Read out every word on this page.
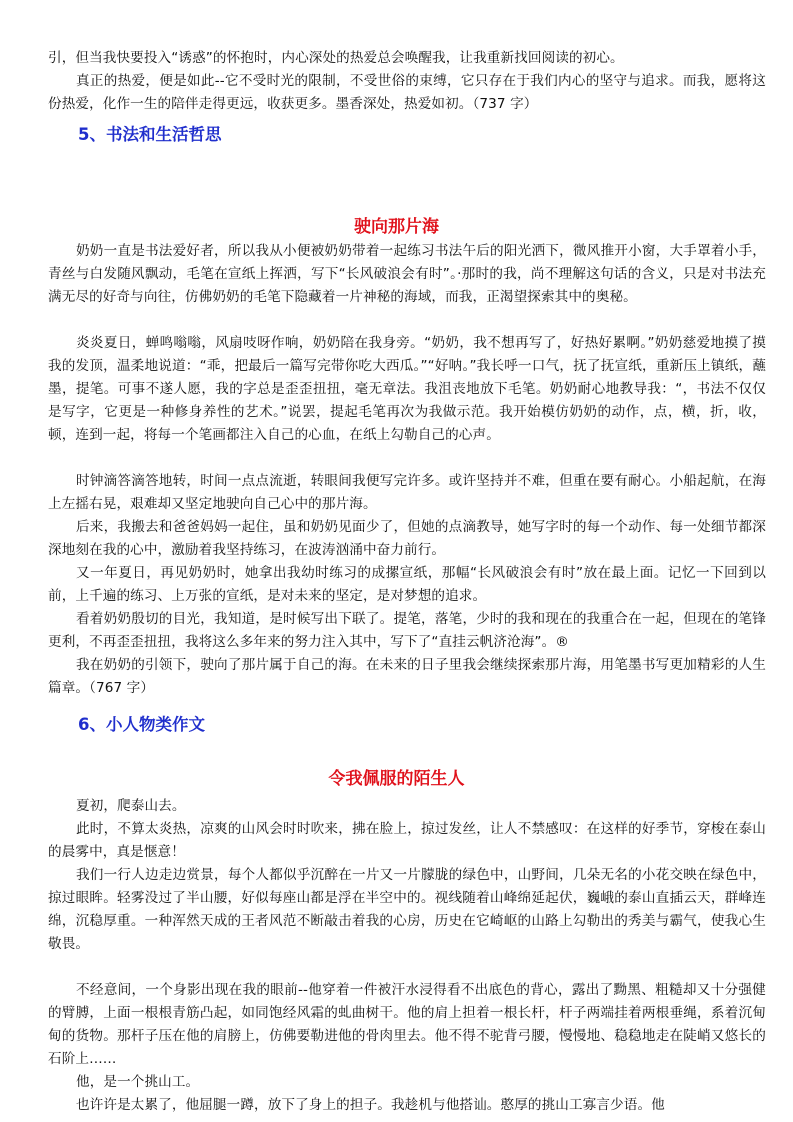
引，但当我快要投入“诱惑”的怀抱时，内心深处的热爱总会唤醒我，让我重新找回阅读的初心。

真正的热爱，便是如此--它不受时光的限制，不受世俗的束缚，它只存在于我们内心的坚守与追求。而我，愿将这份热爱，化作一生的陪伴走得更远，收获更多。墨香深处，热爱如初。（737 字）

5、书法和生活哲思
驶向那片海

奶奶一直是书法爱好者，所以我从小便被奶奶带着一起练习书法午后的阳光洒下，微风推开小窗，大手罩着小手，青丝与白发随风飘动，毛笔在宣纸上挥洒，写下“长风破浪会有时”。·那时的我，尚不理解这句话的含义，只是对书法充满无尽的好奇与向往，仿佛奶奶的毛笔下隐藏着一片神秘的海域，而我，正渴望探索其中的奥秘。

炎炎夏日，蝉鸣嗡嗡，风扇吱呀作响，奶奶陪在我身旁。“奶奶，我不想再写了，好热好累啊。”奶奶慈爱地摸了摸我的发顶，温柔地说道：“乖，把最后一篇写完带你吃大西瓜。”“好呐。”我长呼一口气，抚了抚宣纸，重新压上镇纸，蘸墨，提笔。可事不遂人愿，我的字总是歪歪扭扭，毫无章法。我沮丧地放下毛笔。奶奶耐心地教导我：“，书法不仅仅是写字，它更是一种修身养性的艺术。”说罢，提起毛笔再次为我做示范。我开始模仿奶奶的动作，点，横，折，收，顿，连到一起，将每一个笔画都注入自己的心血，在纸上勾勒自己的心声。

时钟滴答滴答地转，时间一点点流逝，转眼间我便写完许多。或许坚持并不难，但重在要有耐心。小船起航，在海上左摇右晃，艰难却又坚定地驶向自己心中的那片海。

后来，我搬去和爸爸妈妈一起住，虽和奶奶见面少了，但她的点滴教导，她写字时的每一个动作、每一处细节都深深地刻在我的心中，激励着我坚持练习，在波涛汹涌中奋力前行。

又一年夏日，再见奶奶时，她拿出我幼时练习的成摞宣纸，那幅“长风破浪会有时”放在最上面。记忆一下回到以前，上千遍的练习、上万张的宣纸，是对未来的坚定，是对梦想的追求。

看着奶奶殷切的目光，我知道，是时候写出下联了。提笔，落笔，少时的我和现在的我重合在一起，但现在的笔锋更利，不再歪歪扭扭，我将这么多年来的努力注入其中，写下了“直挂云帆济沧海”。®

我在奶奶的引领下，驶向了那片属于自己的海。在未来的日子里我会继续探索那片海，用笔墨书写更加精彩的人生篇章。（767 字）

6、小人物类作文
令我佩服的陌生人

夏初，爬泰山去。

此时，不算太炎热，凉爽的山风会时时吹来，拂在脸上，掠过发丝，让人不禁感叹：在这样的好季节，穿梭在泰山的晨雾中，真是惬意！

我们一行人边走边赏景，每个人都似乎沉醉在一片又一片朦胧的绿色中，山野间，几朵无名的小花交映在绿色中，掠过眼眸。轻雾没过了半山腰，好似每座山都是浮在半空中的。视线随着山峰绵延起伏，巍峨的泰山直插云天，群峰连绵，沉稳厚重。一种浑然天成的王者风范不断敲击着我的心房，历史在它崎岖的山路上勾勒出的秀美与霸气，使我心生敬畏。

不经意间，一个身影出现在我的眼前--他穿着一件被汗水浸得看不出底色的背心，露出了黝黑、粗糙却又十分强健的臂膊，上面一根根青筋凸起，如同饱经风霜的虬曲树干。他的肩上担着一根长杆，杆子两端挂着两根垂绳，系着沉甸甸的货物。那杆子压在他的肩膀上，仿佛要勒进他的骨肉里去。他不得不驼背弓腰，慢慢地、稳稳地走在陡峭又悠长的石阶上……

他，是一个挑山工。

也许许是太累了，他屈腿一蹲，放下了身上的担子。我趁机与他搭讪。憨厚的挑山工寡言少语。他
